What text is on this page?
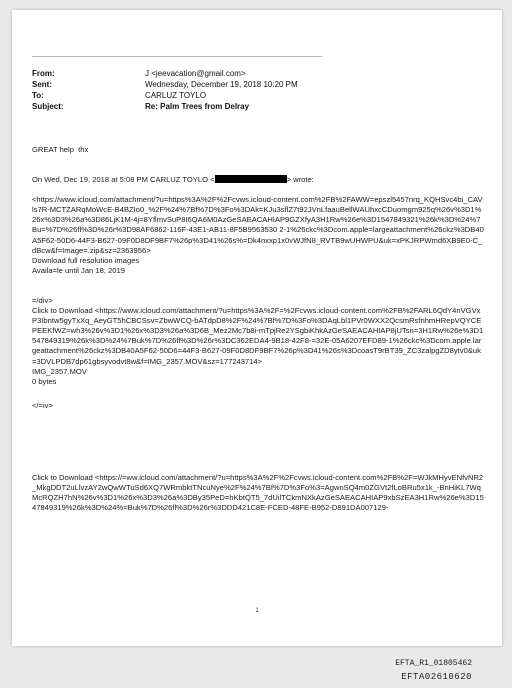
From:	J <jeevacation@gmail.com>
Sent:	Wednesday, December 19, 2018 10:20 PM
To:	CARLUZ TOYLO
Subject:	Re: Palm Trees from Delray

GREAT help  thx

On Wed, Dec 19, 2018 at 5:08 PM CARLUZ TOYLO <	> wrote:

<https://www.icloud.com/attachment/?u=https%3A%2F%2Fcvws.icloud-content.com%2FB%2FAWW=epszl5457nrq_KQHSvc4bi_CAVls7R-MCTZARqMoWcE-B4BZIo0_%2F%24%7Bf%7D%3Fo%3DAk=KJu3sflZ7t92JVnLfaauBellWAUhxcCDuomgm925q%26v%3D1%26x%3D3%26a%3D86LjK1M-4j=8YflmvSuP8I6QA6M0AzGeSAEACAHIAP9GZXfyA3H1Rw%26e%3D1547849321%26k%3D%24%7Bu=%7D%26fl%3D%26r%3D98AF6862-116F-43E1-AB11-8F5B9563530 2-1%26ckc%3Dcom.apple=largeattachment%26ckz%3DB40A5F62-50D6-44F3-B627-09F0D8DF9BF7%26p%3D41%26s%=Dk4nxxp1x0vWJfN8_RVTB9wUHWPU&uk=xPKJRPWmd6XB9E0-C_dBcw&f=Image=.zip&sz=2363956>

Download full resolution images

Availa=le until Jan 18, 2019

=/div>

Click to Download <https://www.icloud.com/attachment/?u=https%3A%2F=%2Fcvws.icloud-content.com%2FB%2FARL6QdY4nVGVxP3Ibntw5gyTxXq_AeyGT5hCBCSsv=ZbwWCQ-bATdpD8%2F%24%7Bf%7D%3Fo%3DAqLbl1PVr0WXX2QcsmRsfnhmHRepVQYCEPEEKfWZ=wh3%26v%3D1%26x%3D3%26a%3D6B_Mez2Mc7b8i-mTpjRe2YSgbiKhkAzGeSAEACAHIAP8jUTsn=3H1Rw%26e%3D1547849319%26k%3D%24%7Buk%7D%26fl%3D%26r%3DC362EDA4-9B18-42F8-=32E-05A6207EFD89-1%26ckc%3Dcom.apple.largeattachment%26ckz%3DB40A5F62-50D6=44F3-B627-09F0D8DF9BF7%26p%3D41%26s%3DcoasT9rBT39_ZC3zalpgZD8ytv0&uk=3DVLPDB7dp61gbsyvodvt8w&f=IMG_2357.MOV&sz=177243714>

IMG_2357.MOV

0 bytes

</=iv>

Click to Download <https://=ww.icloud.com/attachment/?u=https%3A%2F%2Fcvws.icloud-content.com%2FB%2F=WJkMHyvENfvNR2_MkgDDT2uLlvzAY2wQwWTuSd6XQ7WRmbktTNcuNye%2F%24%7Bf%7D%3Fo%3=AgwnSQ4m0ZGVt2fLoBRu5x1k_-BnHiKL7WqMcRQZH7hN%26v%3D1%26x%3D3%26a%3DBy35PeD=hKbtQT5_7dUilTCkmNXkAzGeSAEACAHIAP9xbSzEA3H1Rw%26e%3D1547849319%26k%3D%24%=Buk%7D%26fl%3D%26r%3DDD421C8E-FCED-48FE-B952-D891DA007129-

1
EFTA_R1_01805462
EFTA02610620
